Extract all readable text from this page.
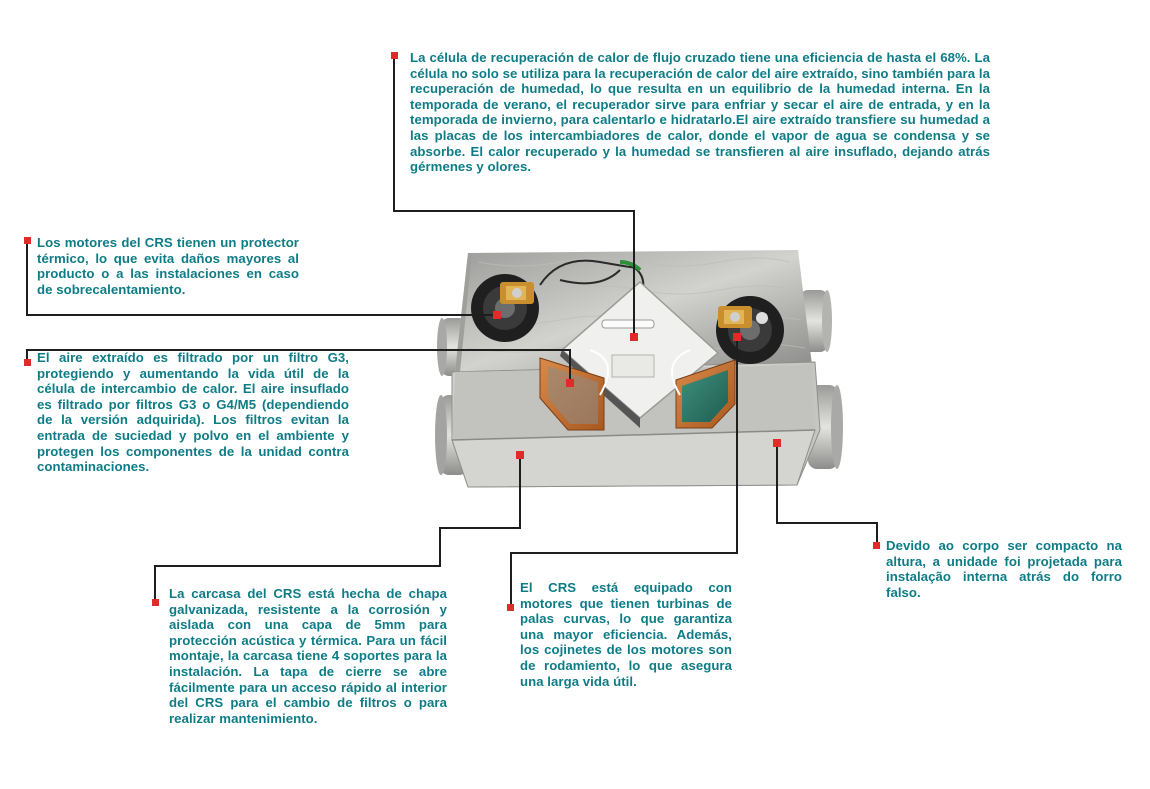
La célula de recuperación de calor de flujo cruzado tiene una eficiencia de hasta el 68%. La célula no solo se utiliza para la recuperación de calor del aire extraído, sino también para la recuperación de humedad, lo que resulta en un equilibrio de la humedad interna. En la temporada de verano, el recuperador sirve para enfriar y secar el aire de entrada, y en la temporada de invierno, para calentarlo e hidratarlo.El aire extraído transfiere su humedad a las placas de los intercambiadores de calor, donde el vapor de agua se condensa y se absorbe. El calor recuperado y la humedad se transfieren al aire insuflado, dejando atrás gérmenes y olores.

Los motores del CRS tienen un protector térmico, lo que evita daños mayores al producto o a las instalaciones en caso de sobrecalentamiento.

El aire extraído es filtrado por un filtro G3, protegiendo y aumentando la vida útil de la célula de intercambio de calor. El aire insuflado es filtrado por filtros G3 o G4/M5 (dependiendo de la versión adquirida). Los filtros evitan la entrada de suciedad y polvo en el ambiente y protegen los componentes de la unidad contra contaminaciones.

La carcasa del CRS está hecha de chapa galvanizada, resistente a la corrosión y aislada con una capa de 5mm para protección acústica y térmica. Para un fácil montaje, la carcasa tiene 4 soportes para la instalación. La tapa de cierre se abre fácilmente para un acceso rápido al interior del CRS para el cambio de filtros o para realizar mantenimiento.

El CRS está equipado con motores que tienen turbinas de palas curvas, lo que garantiza una mayor eficiencia. Además, los cojinetes de los motores son de rodamiento, lo que asegura una larga vida útil.

Devido ao corpo ser compacto na altura, a unidade foi projetada para instalação interna atrás do forro falso.
